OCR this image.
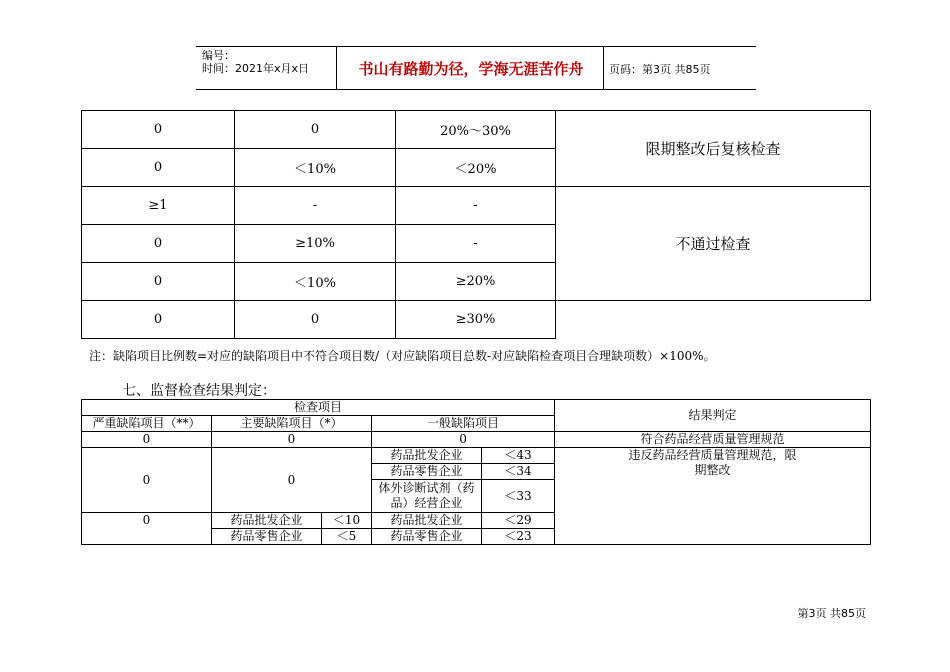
编号：
时间：2021年x月x日	书山有路勤为径，学海无涯苦作舟	页码：第3页 共85页
0	0	20%～30%	限期整改后复核检查
0	＜10%	＜20%	
≥1	-	-	不通过检查
0	≥10%	-	
0	＜10%	≥20%	
0	0	≥30%	
注：缺陷项目比例数=对应的缺陷项目中不符合项目数/（对应缺陷项目总数-对应缺陷检查项目合理缺项数）×100%。
七、监督检查结果判定：
检查项目					结果判定
严重缺陷项目（**）	主要缺陷项目（*）		一般缺陷项目		
0	0		0		符合药品经营质量管理规范
0	0		药品批发企业	＜43	违反药品经营质量管理规范，限期整改
			药品零售企业	＜34	
			体外诊断试剂（药品）经营企业	＜33	
0	药品批发企业	＜10	药品批发企业	＜29	
	药品零售企业	＜5	药品零售企业	＜23	
第3页 共85页
